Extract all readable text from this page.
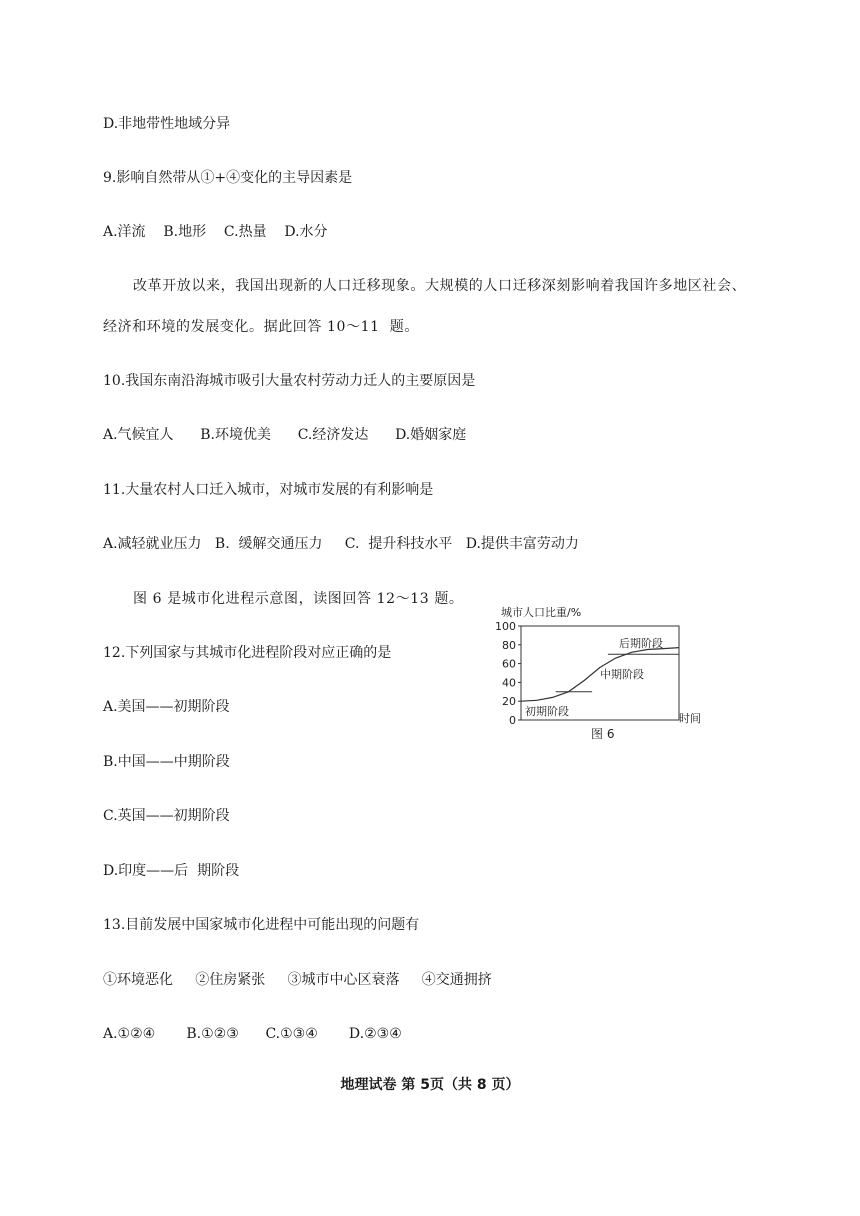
D.非地带性地域分异
9.影响自然带从①+④变化的主导因素是
A.洋流    B.地形    C.热量    D.水分
改革开放以来，我国出现新的人口迁移现象。大规模的人口迁移深刻影响着我国许多地区社会、
经济和环境的发展变化。据此回答 10～11  题。
10.我国东南沿海城市吸引大量农村劳动力迁人的主要原因是
A.气候宜人      B.环境优美      C.经济发达      D.婚姻家庭
11.大量农村人口迁入城市，对城市发展的有利影响是
A.减轻就业压力   B.  缓解交通压力     C.  提升科技水平   D.提供丰富劳动力
图 6 是城市化进程示意图，读图回答 12～13 题。
12.下列国家与其城市化进程阶段对应正确的是
A.美国——初期阶段
B.中国——中期阶段
C.英国——初期阶段
D.印度——后  期阶段
13.目前发展中国家城市化进程中可能出现的问题有
①环境恶化     ②住房紧张     ③城市中心区衰落     ④交通拥挤
A.①②④       B.①②③      C.①③④       D.②③④
城市人口比重/%
0
20
40
60
80
100
初期阶段
中期阶段
后期阶段
时间
图 6
地理试卷 第 5页（共 8 页）
